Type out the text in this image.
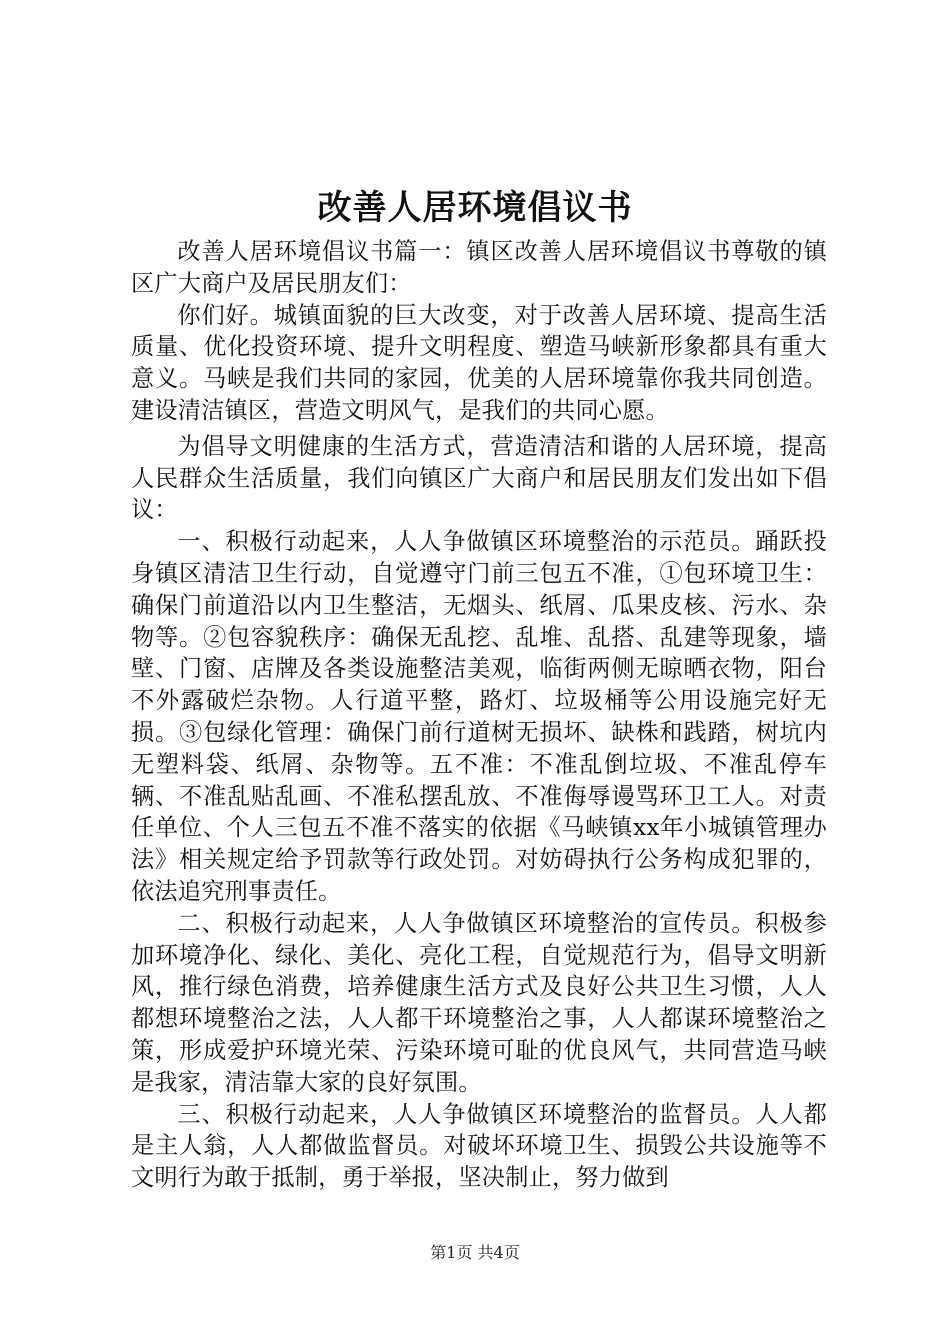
改善人居环境倡议书

改善人居环境倡议书篇一：镇区改善人居环境倡议书尊敬的镇区广大商户及居民朋友们：

你们好。城镇面貌的巨大改变，对于改善人居环境、提高生活质量、优化投资环境、提升文明程度、塑造马峡新形象都具有重大意义。马峡是我们共同的家园，优美的人居环境靠你我共同创造。建设清洁镇区，营造文明风气，是我们的共同心愿。

为倡导文明健康的生活方式，营造清洁和谐的人居环境，提高人民群众生活质量，我们向镇区广大商户和居民朋友们发出如下倡议：

一、积极行动起来，人人争做镇区环境整治的示范员。踊跃投身镇区清洁卫生行动，自觉遵守门前三包五不准，①包环境卫生：确保门前道沿以内卫生整洁，无烟头、纸屑、瓜果皮核、污水、杂物等。②包容貌秩序：确保无乱挖、乱堆、乱搭、乱建等现象，墙壁、门窗、店牌及各类设施整洁美观，临街两侧无晾晒衣物，阳台不外露破烂杂物。人行道平整，路灯、垃圾桶等公用设施完好无损。③包绿化管理：确保门前行道树无损坏、缺株和践踏，树坑内无塑料袋、纸屑、杂物等。五不准：不准乱倒垃圾、不准乱停车辆、不准乱贴乱画、不准私摆乱放、不准侮辱谩骂环卫工人。对责任单位、个人三包五不准不落实的依据《马峡镇xx年小城镇管理办法》相关规定给予罚款等行政处罚。对妨碍执行公务构成犯罪的，依法追究刑事责任。

二、积极行动起来，人人争做镇区环境整治的宣传员。积极参加环境净化、绿化、美化、亮化工程，自觉规范行为，倡导文明新风，推行绿色消费，培养健康生活方式及良好公共卫生习惯，人人都想环境整治之法，人人都干环境整治之事，人人都谋环境整治之策，形成爱护环境光荣、污染环境可耻的优良风气，共同营造马峡是我家，清洁靠大家的良好氛围。

三、积极行动起来，人人争做镇区环境整治的监督员。人人都是主人翁，人人都做监督员。对破坏环境卫生、损毁公共设施等不文明行为敢于抵制，勇于举报，坚决制止，努力做到

第1页 共4页
